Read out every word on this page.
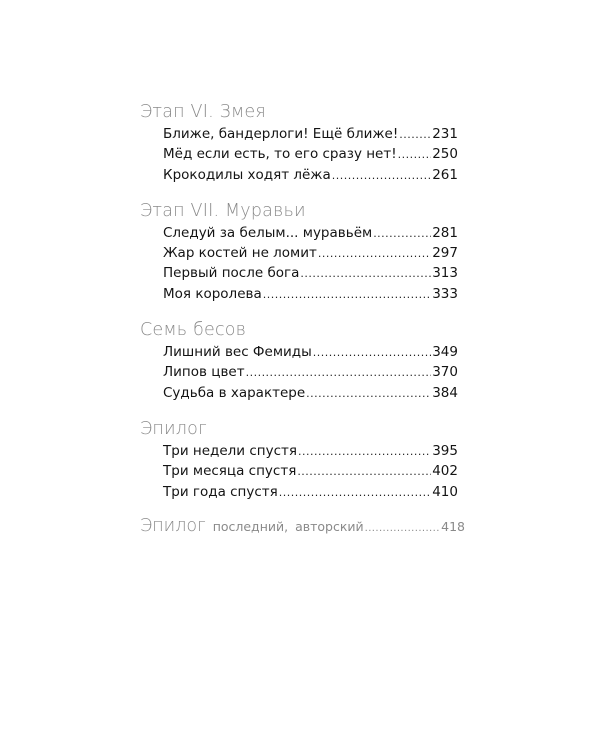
Этап VI. Змея
Ближе, бандерлоги! Ещё ближе! .....	231
Мёд если есть, то его сразу нет! .....	250
Крокодилы ходят лёжа .....	261
Этап VII. Муравьи
Следуй за белым... муравьём .....	281
Жар костей не ломит .....	297
Первый после бога .....	313
Моя королева .....	333
Семь бесов
Лишний вес Фемиды .....	349
Липов цвет .....	370
Судьба в характере .....	384
Эпилог
Три недели спустя .....	395
Три месяца спустя .....	402
Три года спустя .....	410
Эпилог последний, авторский .....	418
